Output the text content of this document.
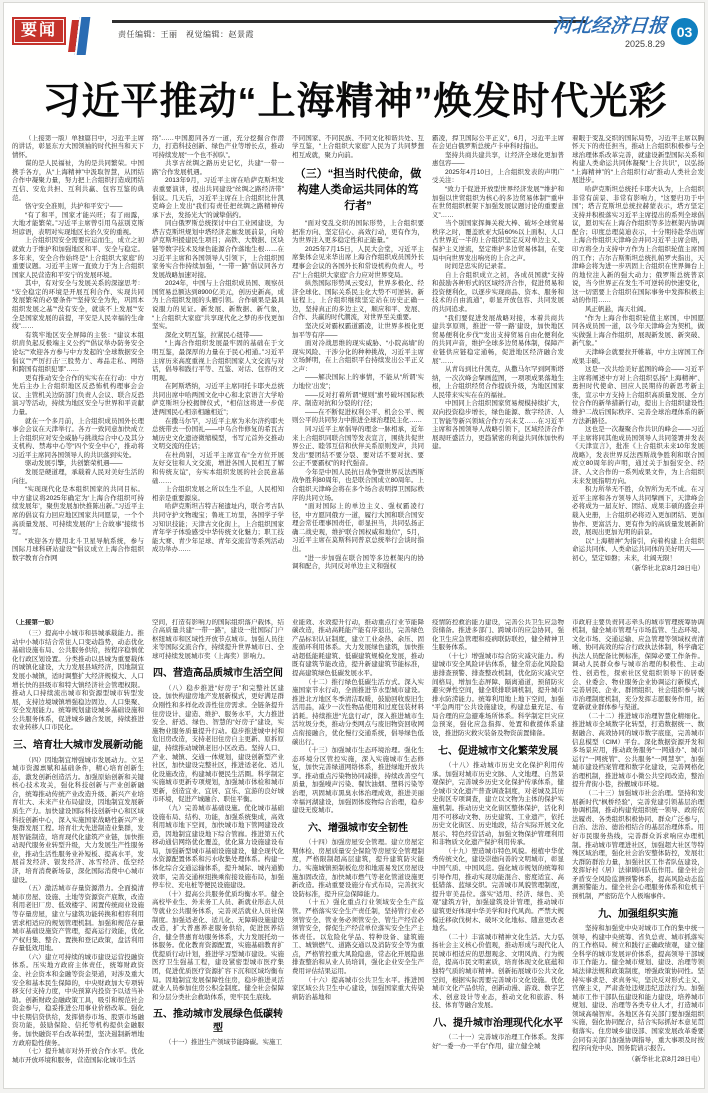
要闻	责任编辑：王丽　视觉编辑：赵景霞	河北经济日报
2025.8.29
03
习近平推动“上海精神”焕发时代光彩

（上接第一版）单独篇目中，习近平主席的讲话，彰显东方大国领袖的时代担当和天下情怀。

谋的是人民福祉，为的是共同繁荣。中国携手各方，从“上海精神”中汲取智慧，从团结合作中凝聚力量，努力把上合组织打造成团结互信、安危共担、互利共赢、包容互鉴的典范。

恪守安全准则，共护和平安宁——

“有了和平，国家才能兴旺；有了雨露，大地才能繁荣。”习近平主席曾引用乌兹别克斯坦谚语，表明对实现地区长治久安的重视。

上合组织因安全需要应运而生，成立之初就致力于维护和加强地区和平、安全与稳定。多年来，安全合作始终是“上合组织大家庭”的重要议题。习近平主席一直致力于为上合组织国家人民营造和平安宁的发展环境。

其中，有对安全与发展关系的深邃思考：“安全稳定的环境是开展互利合作、实现共同发展繁荣的必要条件”“坚持安全为先，巩固本组织发展之基”“没有安全，就谈不上发展”“安全是国家发展的前提，平安是人民幸福的生命线”……

有筑牢地区安全屏障的主张：“建议本组织肩负起反极端主义公约”“倡议举办防务安全论坛”“欢迎各方参与中方发起的‘全球数据安全倡议’”“严厉打击‘三股势力’、毒品走私、网络和跨国有组织犯罪”……

更有推动安全合作的实实在在行动：中方先后主办上合组织地区反恐怖机构理事会会议、主管机关边防部门负责人会议、联合反恐演习等活动，持续为地区安全与世界和平贡献力量。

就在一个多月前，上合组织成员国外长理事会会议在天津举行。各方一致同意加快成立上合组织应对安全威胁与挑战综合中心及其分支机构、禁毒中心等“四个安全中心”，推动将习近平主席同各国领导人的共识落到实处。

驱动发展引擎，共创繁荣机遇——

发展是硬道理，承载着人民对美好生活的向往。

“实现现代化是本组织国家的共同目标。中方建议将2025年确定为‘上海合作组织可持续发展年’，聚焦发展加快推陈出新。”习近平主席的倡议有力回应地区国家共同愿景，一个个高质量发展、可持续发展的“上合故事”接续书写。

“欢迎各方使用北斗卫星导航系统，参与国际月球科研站建设”“倡议成立上海合作组织数字教育合作网

络”……中国愿同各方一道，充分挖掘合作潜力，打造科技创新、绿色产业等增长点，推动可持续发展“一个也不掉队”。

共享古丝绸之路历史记忆，共建“一带一路”合作发展机遇。

2013年9月，习近平主席在哈萨克斯坦发表重要演讲，提出共同建设“丝绸之路经济带”倡议。几天后，习近平主席在上合组织比什凯克峰会上发出“我们有责任把丝绸之路精神传承下去，发扬光大”的诚挚倡约。

同白俄罗斯总统探讨中白工业园建设，为塔吉克斯坦规划中塔经济走廊发展前景，向哈萨克斯坦援建民生项目；高铁、大数据、区块链等数字技术及绿色能源合作落地生根……在习近平主席和各国领导人引领下，上合组织国家务实合作持续加强，“一带一路”倡议同各方发展战略加速对接。

2024年，中国与上合组织成员国、观察员国贸易总额达到8900亿美元，创历史新高，成为上合组织发展的头雁引领。合作硕果是最具说服力的见证。新发展、新数据、新气象，“上合组织大家庭”共享现代化之梦的步伐更加坚实。

深化文明互鉴，拉紧民心纽带——

“上海合作组织发展最牢固的基础在于文明互鉴，最深厚的力量在于民心相通。”习近平主席历来高度重视上合组织国家人文交流与对话，倡导和践行平等、互鉴、对话、包容的文明观。

在阿斯塔纳，习近平主席同托卡耶夫总统共同出席中哈两国文化中心和北京语言大学哈萨克斯坦分校揭牌仪式，“相信这将进一步促进两国民心相亲相融相近”；

在撒马尔罕，习近平主席为米尔济约耶夫总统带去一份国礼——中乌合作修复的希瓦古城历史文化遗迹微缩模型，书写元首外交推动文明交流的佳话；

在杜尚别，习近平主席宣布“全方位开展友好交往和人文交流，增进各国人民相互了解和传统友谊”，夯实本组织发展的社会民意基础……

上合组织发展之所以生生不息，人民相知相亲是重要源泉。

哈萨克斯坦吉特吉秘遗址内，联合考古队共同守护文物瑰宝；鲁班工坊里，各国学子学习知识技能；天津古文化街上，上合组织国家青年学子体验感受中华传统文化魅力；职工技能大赛、青少年足球、青年交流营等系列活动成功举办……

不同国家、不同民族、不同文化和谐共处、互学互鉴，“上合组织大家庭”人民为了共同梦想相互成就，聚力向前。

（三）“担当时代使命，做构建人类命运共同体的笃行者”

“面对变乱交织的国际形势，上合组织要把准方向、坚定信心、高效行动，更有作为，为世界注入更多稳定性和正能量。”

2025年7月15日，人民大会堂，习近平主席集体会见来华出席上海合作组织成员国外长理事会会议的各国外长和常设机构负责人，号召“上合组织大家庭”合力应对世界变局。

纵然国际形势风云变幻，世界多极化、经济全球化、国际关系民主化大势不可逆转。新征程上，上合组织继续坚定站在历史正确一边，坚持真正的多边主义，顺应和平、发展、合作、共赢的时代潮流，对世界至关重要。

坚决反对霸权霸道霸凌，让世界多极化更加平等有序——

面对冷战思维的现实威胁、“小院高墙”的现实风险、干涉分化的种种挑战，习近平主席立场鲜明，在上合组织平台持续发出公平正义之声：

——解决国际上的事情，不能从“所谓‘实力地位’出发”；

——反对打着所谓“规则”旗号破坏国际秩序、制造对抗和分裂的行径；

——在不断促进权利公平、机会公平、规则公平的共同努力中推进全球治理民主化……

同习近平主席倡导的理念一脉相承，近年来上合组织同联合国等发表宣言，围绕共促世界公正、睦邻互信和伙伴关系原则发声，共同发出“要团结不要分裂、要对话不要对抗、要公正不要霸权”的时代强音。

今年是中国人民抗日战争暨世界反法西斯战争胜利80周年，也是联合国成立80周年。上合组织天津峰会将在多个场合表明捍卫国际秩序的共同立场。

“面对国际上的单边主义、强权霸凌行径，中方愿同俄方一道，履行大国和联合国安理会常任理事国责任，彰显担当，共同弘扬正确二战史观，维护联合国权威和地位”，5月，习近平主席在莫斯科同普京总统举行会谈时指出。

“进一步加强在联合国等多边框架内的协调和配合，共同反对单边主义和强权

霸凌，捍卫国际公平正义”，6月，习近平主席在会见白俄罗斯总统卢卡申科时指出。

坚持共商共建共享，让经济全球化更加普惠包容——

2025年4月10日，上合组织发表的声明广受关注：

“致力于促进开放型世界经济发展”“维护和加强以世贸组织为核心的多边贸易体制”“重申在世贸组织框架下加强发展议题讨论的重要意义”……

当个别国家挥舞关税大棒、破坏全球贸易秩序之时，覆盖欧亚大陆60%以上面积、人口占世界近一半的上合组织坚定反对单边主义、保护主义逆流，坚定维护多边贸易体制，在变局中向世界发出响亮的上合之声。

时间是忠实的记录者。

自上合组织成立之初，各成员国就“支持和鼓励各种形式的区域经济合作，促进贸易和投资便利化，以逐步实现商品、资本、服务和技术的自由流通”，彰显开放包容、共同发展的共同追求。

“我们要促进发展战略对接，本着共商共建共享原则，推进‘一带一路’建设，加快地区贸易便利化步伐”“发出支持贸易自由化便利化的共同声音，维护全球多边贸易体制，保障产业链供应链稳定通畅，促进地区经济融合发展”……

从青岛到比什凯克，从撒马尔罕到阿斯塔纳，一次次峰会擘画蓝图，一项项成果落地生根，上合组织经贸合作提质升级，为地区国家人民带来实实在在的福祉。

中国同上合组织国家贸易规模持续扩大，双向投资稳步增长，绿色能源、数字经济、人工智能等新兴领域合作方兴未艾……在习近平主席和各国领导人战略引领下，区域经济合作展现旺盛活力，更趋紧密的利益共同体加快构建。

着眼于变乱交织的国际局势，习近平主席以胸怀天下的责任担当，推动上合组织积极参与全球治理体系改革完善，就建设新型国际关系和构建人类命运共同体凝聚“上合共识”，以弘扬“上海精神”的“上合组织行动”推动人类社会发展进步。

哈萨克斯坦总统托卡耶夫认为，上合组织非常有前景、非常有影响力，“这要归功于中国”；塔吉克斯坦总统拉赫蒙表示，塔方坚定支持并积极落实习近平主席提出的系列全球倡议，愿切实在上海合作组织等多边框架内协调配合；印度总理莫迪表示，十分期待赴华出席上海合作组织天津峰会并同习近平主席会晤，印方将全力支持中方作为上合组织轮值主席国的工作；吉尔吉斯斯坦总统扎帕罗夫指出，天津峰会将为进一步巩固上合组织在世界舞台上的地位注入新的强大动力；俄罗斯总统普京说，当今世界正在发生不可逆转的快速变化，这一切需要上合组织在国际事务中发挥积极主动的作用……

风正帆悬，海天壮阔。

“作为上海合作组织轮值主席国，中国愿同各成员国一道，以今年天津峰会为契机，做实做强上海合作组织，展现新发展、新突破、新气象。”

天津峰会就要拉开帷幕，中方主席国工作成果丰硕。

这是一次共绘美好蓝图的峰会——习近平主席将阐述中方对上合组织弘扬“上海精神”、勇担时代使命、回应人民期待的新思考新主张，宣示中方支持上合组织高质量发展、全方位合作的新举措新行动，提出上合组织建设性维护二战后国际秩序、完善全球治理体系的新方法新路径。

这也是一次凝聚合作共识的峰会——习近平主席将同其他成员国领导人共同签署并发表《天津宣言》，批准《上合组织未来10年发展战略》，发表世界反法西斯战争胜利和联合国成立80周年的声明，通过关于加强安全、经济、人文合作的一系列成果文件，为上合组织未来发展指明方向。

积力所举无不胜，众智所为无不成。在习近平主席和各方领导人共同擘画下，天津峰会必将成为一届友好、团结、成果丰硕的盛会并载入史册，上合组织必将迈入更加团结、更加协作、更富活力、更有作为的高质量发展新阶段，展现出更加光明的前景。

以“上海精神”为指引，向着构建上合组织命运共同体、人类命运共同体的美好明天——初心，坚定如磐；未来，壮阔无限！

（新华社北京8月28日电）

（上接第一版）

（三）提高中小城市和县城承载能力。推动中小城市结合常住人口变动趋势，动态优化基础设施布局、公共服务供给，按程序稳慎优化行政区划设置。分类推动以县城为重要载体的城镇化建设，大力发展县域经济，因地制宜发展小城镇，适时调整扩大经济规模大、人口增长快的县级市和特大镇经济社会管理权限。推动人口持续流出城市和资源型城市转型发展，支持边境城镇增强稳边固边、人口集聚、安全发展能力。统筹规划建设城乡基础设施和公共服务体系，促进城乡融合发展，持续推进农业转移人口市民化。

三、培育壮大城市发展新动能

（四）因地制宜增强城市发展动力。立足城市资源禀赋和基础条件，精心培育创新生态，激发创新创造活力。加强原始创新和关键核心技术攻关，强化科技创新与产业创新融合，统筹推动传统产业改造升级、新兴产业培育壮大、未来产业布局建设，因地制宜发展新质生产力。加快建设国际科技创新中心和区域科技创新中心，深入实施国家战略性新兴产业集群发展工程。培育壮大先进制造业集群，发展智能制造，培育现代化建筑产业链，加快推动现代服务业转型升级，大力发展生产性服务业，推动生活性服务业补短板、提高水平，发展首发经济、银发经济、冰雪经济、低空经济，培育消费新场景，深化国际消费中心城市建设。

（五）激活城市存量资源潜力。全面摸清城市房屋、设施、土地等资源资产底数，改造利用老旧厂房、低效楼宇、闲置传统商业设施等存量房屋，建立与建筑功能转换和相容利用需求相适应的规划管理机制。加强和规范存量城市基础设施资产管理，提高运行效能，优化产权归集、整合、置换和登记政策，盘活利用存量低效用地。

（六）建立可持续的城市建设运营投融资体系。压实地方政府主体责任，统筹财政资金、社会资本和金融等资金渠道，对涉及重大安全和基本民生保障的，中央财政加大专项转移支付支持力度，中央预算内投资予以适当补助。创新财政金融政策工具，吸引和规范社会资金参与，稳妥推进公用事业价格改革。强化中长期信贷供给，发挥债券市场、股票市场融资功能，鼓励保险、信托等机构提供金融服务。加快融资平台改革转型，坚决遏制新增地方政府隐性债务。

（七）提升城市对外开放合作水平。优化城市开放环境和服务，营造国际化城市生活

空间，打造有影响力的国际组织落户载体，结合高质量共建“一带一路”，建设一批国际门户枢纽城市和区域性开放节点城市。加强人员往来等国际交流合作，持续提升世界城市日、全球可持续发展城市奖（上海奖）影响力。

四、营造高品质城市生活空间

（八）稳步推进“好房子”和完整社区建设。加快构建房地产发展新模式，更好满足群众刚性和多样化改善性住房需求。全链条提升住房设计、建造、维护、服务水平，大力推进安全、舒适、绿色、智慧的“好房子”建设，实施物业服务质量提升行动。稳步推进城中村和危旧房改造，支持老旧住房自主更新、原拆原建，持续推动城镇老旧小区改造。坚持人口、产业、城镇、交通一体规划，建设创新型产业社区，加快建设完整社区，推进适老化、适儿化设施改造，构建城市便民生活圈。科学制定实施城市更新专项规划，加强城市体检和城市更新，创造宜业、宜居、宜乐、宜游的良好城市环境，促进产城融合、职住平衡。

（九）完善城市基础设施。优化城市基础设施布局、结构、功能，加强系统集成，高效利用城市地下空间，加快城市地下管网建设改造，因地制宜建设地下综合管廊。推进第五代移动通信网络优化覆盖，优化算力设施建设布局，加强新型城市基础设施建设，健全现代化水资源配置体系和污水收集处理体系。构建一体化综合交通运输体系，提升城际、城内通勤效率，完善交通枢纽换乘衔接设施布局，加强停车位、充电桩等便民设施建设。

（十）提高公共服务优质均衡水平。健全高校毕业生、外来务工人员、新就业形态人员等就业公共服务体系，完善灵活就业人员社保制度。加强适老化、适儿化、无障碍设施建设改造，扩大普惠养老服务供给，促进医养结合，健全普惠育幼服务体系，大力发展托幼一体服务。优化教育资源配置，实施基础教育扩优提质行动计划，推进学习型城市建设。实施医疗卫生强基工程，建设紧密型城市医疗集团，促进优质医疗资源扩容下沉和区域均衡布局。因地制宜发展保障性住房，稳步推进灵活就业人员参加住房公积金制度。健全社会保障和分层分类社会救助体系，兜牢民生底线。

五、推动城市发展绿色低碳转型

（十一）推进生产领域节能降碳。实施工

业能效、水效提升行动，推动重点行业节能降碳改造，推动高耗能产能有序退出，完善绿色产品标识认证制度，建立工业余热、余压、固废循环利用体系。大力发展绿色建筑，加快推动超低能耗建筑、低碳建筑规模化发展，推动既有建筑节能改造，提升新建建筑节能标准，提高建筑绿色低碳发展水平。

（十二）推行绿色低碳生活方式。深入实施国家节水行动，全面推进节水型城市建设。推进北方地区冬季清洁取暖，鼓励回收废旧生活用品，减少一次性物品使用和过度包装材料消耗。持续推进“光盘行动”，深入推进城市生活垃圾分类，推动分类网点与废旧物资回收网点衔接融合，优化慢行交通系统，倡导绿色低碳出行。

（十三）加强城市生态环境治理。强化生态环境分区管控实施，深入实施城市生态修复，加快完善绿道网络体系，推进绿地开放共享。推动重点污染物协同减排，持续改善空气质量，加强噪声污染、餐饮油烟、塑料污染等治理，巩固城市黑臭水体治理成效，推进美丽幸福河湖建设，加强固体废物综合治理，稳步建设无废城市。

六、增强城市安全韧性

（十四）加强房屋安全管理。建立房屋定期体检、房屋质量安全保险等房屋安全管理制度，严格限制超高层建筑，提升建筑防灾能力。实施城镇预制板危房和地震易发区房屋设施加固改造，加快城市燃气等老化管道设施更新改造。推动重要设施分布式布局，完善抗灾设防标准，提升应急保障能力。

（十五）强化重点行业领域安全生产监管。严格落实安全生产责任制，坚持管行业必须管安全、管业务必须管安全、管生产经营必须管安全，督促生产经营单位落实安全生产主体责任。以危险化学品、特种设备、建筑施工、城镇燃气、道路交通以及消防安全等为重点，严格管控重大风险隐患，常态化开展隐患排查整治和从业人员培训，强化企业安全生产费用评估结果运用。

（十六）提高城市公共卫生水平。推进国家区域公共卫生中心建设，加强国家重大传染病防治基地和

疫情防控救治能力建设，完善公共卫生应急物资储备。推进多部门、跨城市的应急协同，强化卫生应急管理和疫病联防联控，健全精神卫生服务体系。

（十七）增强城市综合防灾减灾能力。构建城市安全风险评估体系，健全常态化风险隐患排查预警、排查整改机制，优化防灾减灾空间格局，增加生态屏障、隔离通道，预留防灾避灾弹性空间，健全联排联调机制，提升城市排水防涝能力。统筹利用地上地下空间，加强“平急两用”公共设施建设，构建总量充足、布局合理的应急避难场所体系。科学制定巨灾应急预案，强化应急指挥、处置和救援体系建设，推进防灾救灾装备及物资前置储备。

七、促进城市文化繁荣发展

（十八）推动城市历史文化保护利用传承。加强对城市历史文脉、人文地理、自然景观保护，完善城乡历史文化保护传承体系，健全城市文化遗产普查调查制度，对老城及其历史街区专项调查，建立以文物为主体的保护实施机制。推动历史文化街区整体保护，活化利用不可移动文物、历史建筑、工业遗产，依托历史文化街区、历史地段，结合实际开展文化展示、特色经营活动，加强文物保护管理利用和非物质文化遗产保护利用传承。

（十九）塑造城市特色风貌。根植中华优秀传统文化，建设崇德向善的文明城市，彰显中国气质、中国风范。强化城市规划的统筹和引导作用，推动实现功能混合、密度适宜、高低错落、蓝绿交织。完善城市风貌管理制度，提升审美品位。落实“适用、经济、绿色、美观”建筑方针，加强建筑设计管理，推动城市建筑更好体现中华美学和时代风尚。严禁大规模迁移砍伐树木、破坏文化地标、随意更改老地名。

（二十）丰富城市精神文化生活。大力弘扬社会主义核心价值观，推动形成与现代化人民城市相适应的思想观念、文明风尚、行为规范，提高市民文明素质，培育体现文化底蕴和独特气质的城市精神。创新拓展城市公共文化空间，根据实际需要完善城市文化设施。优化城市文化产品供给，创新动漫、游戏、数字艺术、创意设计等业态，推动文化和旅游、科技、体育等融合发展。

八、提升城市治理现代化水平

（二十一）完善城市治理工作体系。发挥好“一委一办一平台”作用，建立健全城

市政府主要负责同志牵头的城市管理统筹协调机制，健全城市管理与市场监管、生态环境、文化市场、交通运输、应急管理等领域权责清晰、协同高效的综合行政执法体制，科学确定执法人员配备比例标准，保障必要工作条件。调动人民群众参与城市治理的积极性、主动性、创造性，探索社区党组织领导下的居委会、业委会、物业服务企业协调运行新模式，完善居民、企业、群团组织、社会组织参与城市治理制度机制，充分发挥志愿服务作用，拓宽新就业群体参与渠道。

（二十二）推进城市治理智慧化精细化。推进城市全域数字化转型，打造数据统一、数据融合、高效协同的城市数字底座，完善城市信息模型（CIM）平台。深化数据资源开发和多场景应用，推动政务服务“一网通办”、城市运行“一网统管”、公共服务“一网慧享”，加强城市建设档案管理和数字化建设，完善网格化治理机制，推进城市小微公共空间改造，整治提升背街小巷，扮靓城市环境。

（二十三）加强城市社会治理。坚持和发展新时代“枫桥经验”，完善党建引领基层治理协调机制，推动构建党组织统一领导、政府依法履责、各类组织积极协同、群众广泛参与，自治、法治、德治相结合的基层治理体系。用好市民服务热线，完善群众诉求响应办理机制。推动城市管理进社区，加强超大社区等特殊区域治理，强化社会治安整体防控，发展壮大群防群治力量，加强社区工作者队伍建设，发挥好村（居）法律顾问队伍作用。健全社会矛盾安全风险监测预警体系，提高风险动态监测预警能力。健全社会心理服务体系和危机干预机制，严密防范个人极端事件。

九、加强组织实施

坚持和加强党中央对城市工作的集中统一领导，构建中央统筹、省负总责、城市抓落实的工作格局。树立和践行正确政绩观，建立健全科学的城市发展评价体系，提高领导干部城市工作能力。健全城市规划、建设、治理等领域法律法规和政策制度，增强政策协同性。坚持实事求是、求真务实，坚决反对形式主义、官僚主义，严肃查处违规违纪违法行为。加强城市工作干部队伍建设和能力建设，培养城市规划、建设、治理等各类专业人才，打造城市领域高端智库。各地区各有关部门要加强组织实施，强化协同配合，结合实际抓好本意见贯彻落实。住房城乡建设部、国家发展改革委要会同有关部门加强协调指导，重大事项及时按程序向党中央、国务院请示报告。

（新华社北京8月28日电）
